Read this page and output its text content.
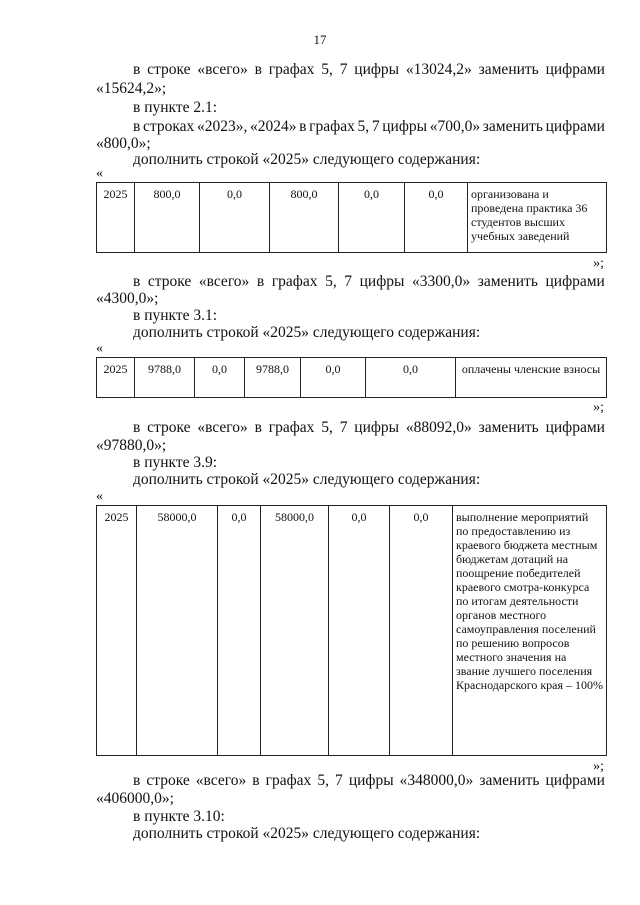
17
в строке «всего» в графах 5, 7 цифры «13024,2» заменить цифрами
«15624,2»;
в пункте 2.1:
в строках «2023», «2024» в графах 5, 7 цифры «700,0» заменить цифрами
«800,0»;
дополнить строкой «2025» следующего содержания:
«
2025	800,0	0,0	800,0	0,0	0,0	организована и проведена практика 36 студентов высших учебных заведений
»;
в строке «всего» в графах 5, 7 цифры «3300,0» заменить цифрами
«4300,0»;
в пункте 3.1:
дополнить строкой «2025» следующего содержания:
«
2025	9788,0	0,0	9788,0	0,0	0,0	оплачены членские взносы
»;
в строке «всего» в графах 5, 7 цифры «88092,0» заменить цифрами
«97880,0»;
в пункте 3.9:
дополнить строкой «2025» следующего содержания:
«
2025	58000,0	0,0	58000,0	0,0	0,0	выполнение мероприятий по предоставлению из краевого бюджета местным бюджетам дотаций на поощрение победителей краевого смотра-конкурса по итогам деятельности органов местного самоуправления поселений по решению вопросов местного значения на звание лучшего поселения Краснодарского края – 100%
»;
в строке «всего» в графах 5, 7 цифры «348000,0» заменить цифрами
«406000,0»;
в пункте 3.10:
дополнить строкой «2025» следующего содержания:
